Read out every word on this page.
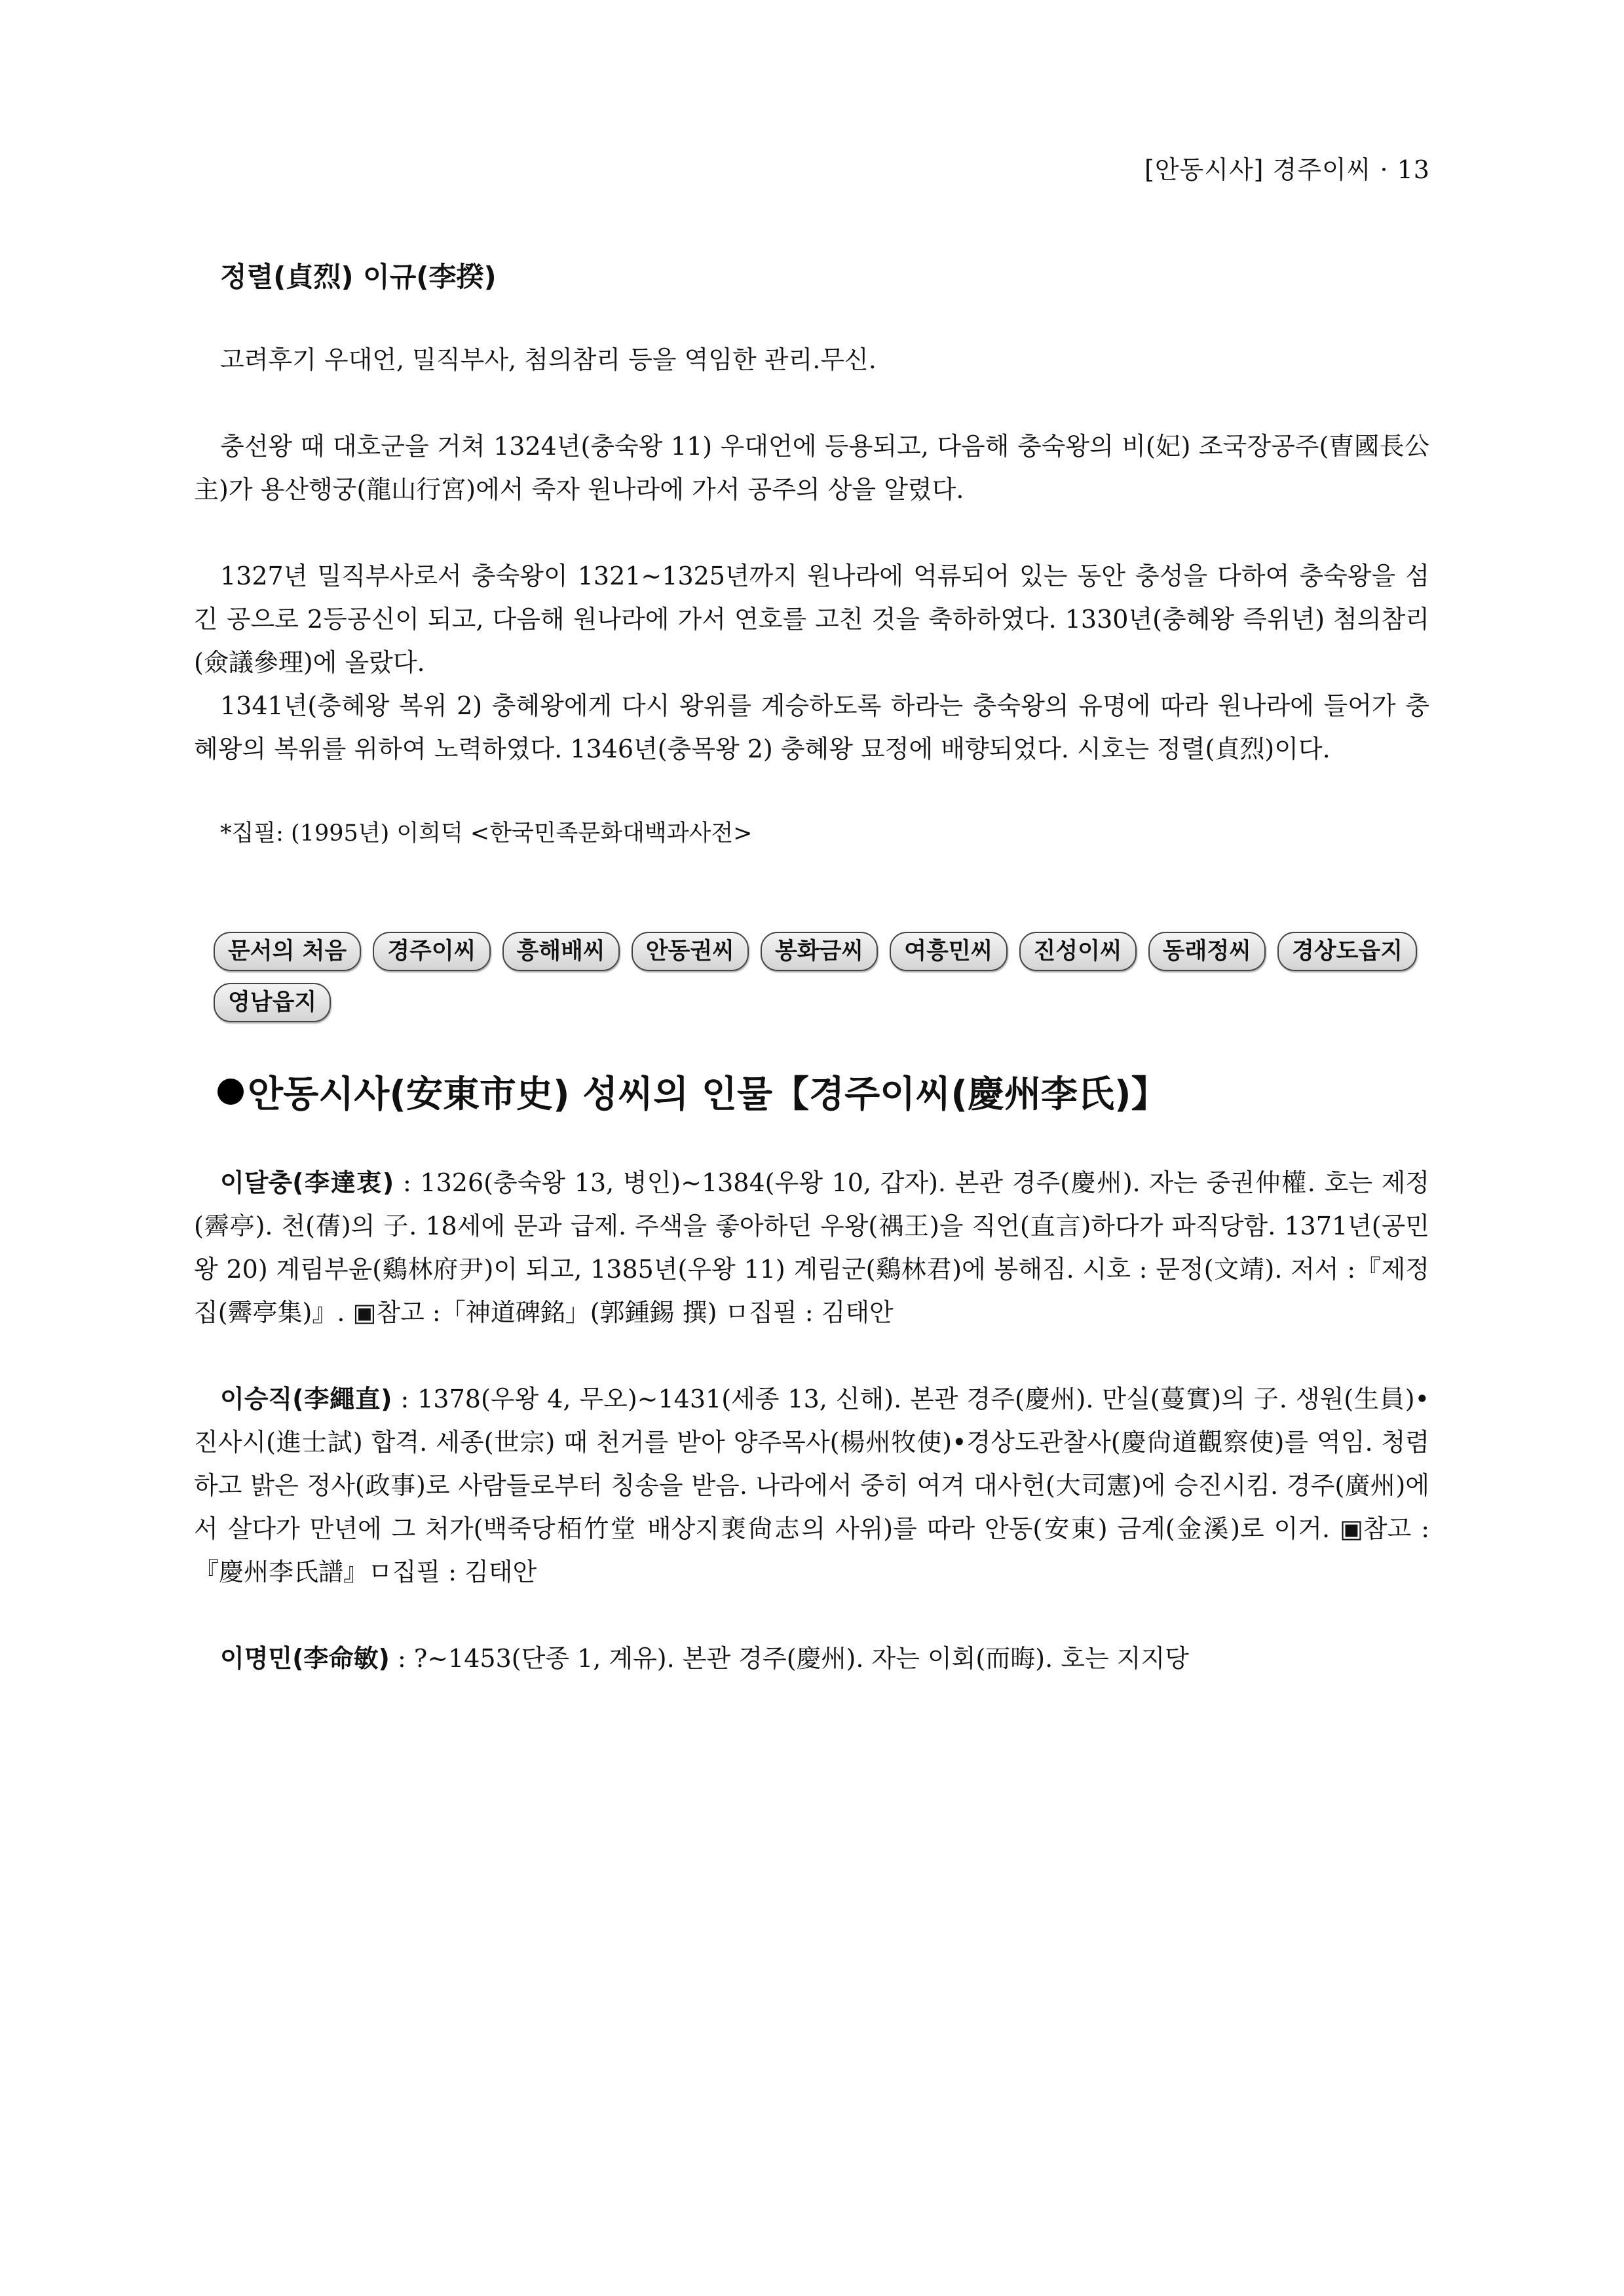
[안동시사] 경주이씨 · 13
정렬(貞烈) 이규(李揆)

고려후기 우대언, 밀직부사, 첨의참리 등을 역임한 관리.무신.

충선왕 때 대호군을 거쳐 1324년(충숙왕 11) 우대언에 등용되고, 다음해 충숙왕의 비(妃) 조국장공주(曺國長公主)가 용산행궁(龍山行宮)에서 죽자 원나라에 가서 공주의 상을 알렸다.

1327년 밀직부사로서 충숙왕이 1321∼1325년까지 원나라에 억류되어 있는 동안 충성을 다하여 충숙왕을 섬긴 공으로 2등공신이 되고, 다음해 원나라에 가서 연호를 고친 것을 축하하였다. 1330년(충혜왕 즉위년) 첨의참리(僉議參理)에 올랐다.

1341년(충혜왕 복위 2) 충혜왕에게 다시 왕위를 계승하도록 하라는 충숙왕의 유명에 따라 원나라에 들어가 충혜왕의 복위를 위하여 노력하였다. 1346년(충목왕 2) 충혜왕 묘정에 배향되었다. 시호는 정렬(貞烈)이다.

*집필: (1995년) 이희덕 <한국민족문화대백과사전>

문서의 처음	경주이씨	흥해배씨	안동권씨	봉화금씨	여흥민씨	진성이씨	동래정씨	경상도읍지
영남읍지
안동시사(安東市史) 성씨의 인물【경주이씨(慶州李氏)】

이달충(李達衷) : 1326(충숙왕 13, 병인)∼1384(우왕 10, 갑자). 본관 경주(慶州). 자는 중권仲權. 호는 제정(霽亭). 천(蒨)의 子. 18세에 문과 급제. 주색을 좋아하던 우왕(禑王)을 직언(直言)하다가 파직당함. 1371년(공민왕 20) 계림부윤(鷄林府尹)이 되고, 1385년(우왕 11) 계림군(鷄林君)에 봉해짐. 시호 : 문정(文靖). 저서 :『제정집(霽亭集)』. ▣참고 :「神道碑銘」(郭鍾錫 撰) ㅁ집필 : 김태안

이승직(李繩直) : 1378(우왕 4, 무오)∼1431(세종 13, 신해). 본관 경주(慶州). 만실(蔓實)의 子. 생원(生員)•진사시(進士試) 합격. 세종(世宗) 때 천거를 받아 양주목사(楊州牧使)•경상도관찰사(慶尙道觀察使)를 역임. 청렴하고 밝은 정사(政事)로 사람들로부터 칭송을 받음. 나라에서 중히 여겨 대사헌(大司憲)에 승진시킴. 경주(廣州)에서 살다가 만년에 그 처가(백죽당栢竹堂 배상지裵尙志의 사위)를 따라 안동(安東) 금계(金溪)로 이거. ▣참고 :『慶州李氏譜』ㅁ집필 : 김태안

이명민(李命敏) : ?∼1453(단종 1, 계유). 본관 경주(慶州). 자는 이회(而晦). 호는 지지당
